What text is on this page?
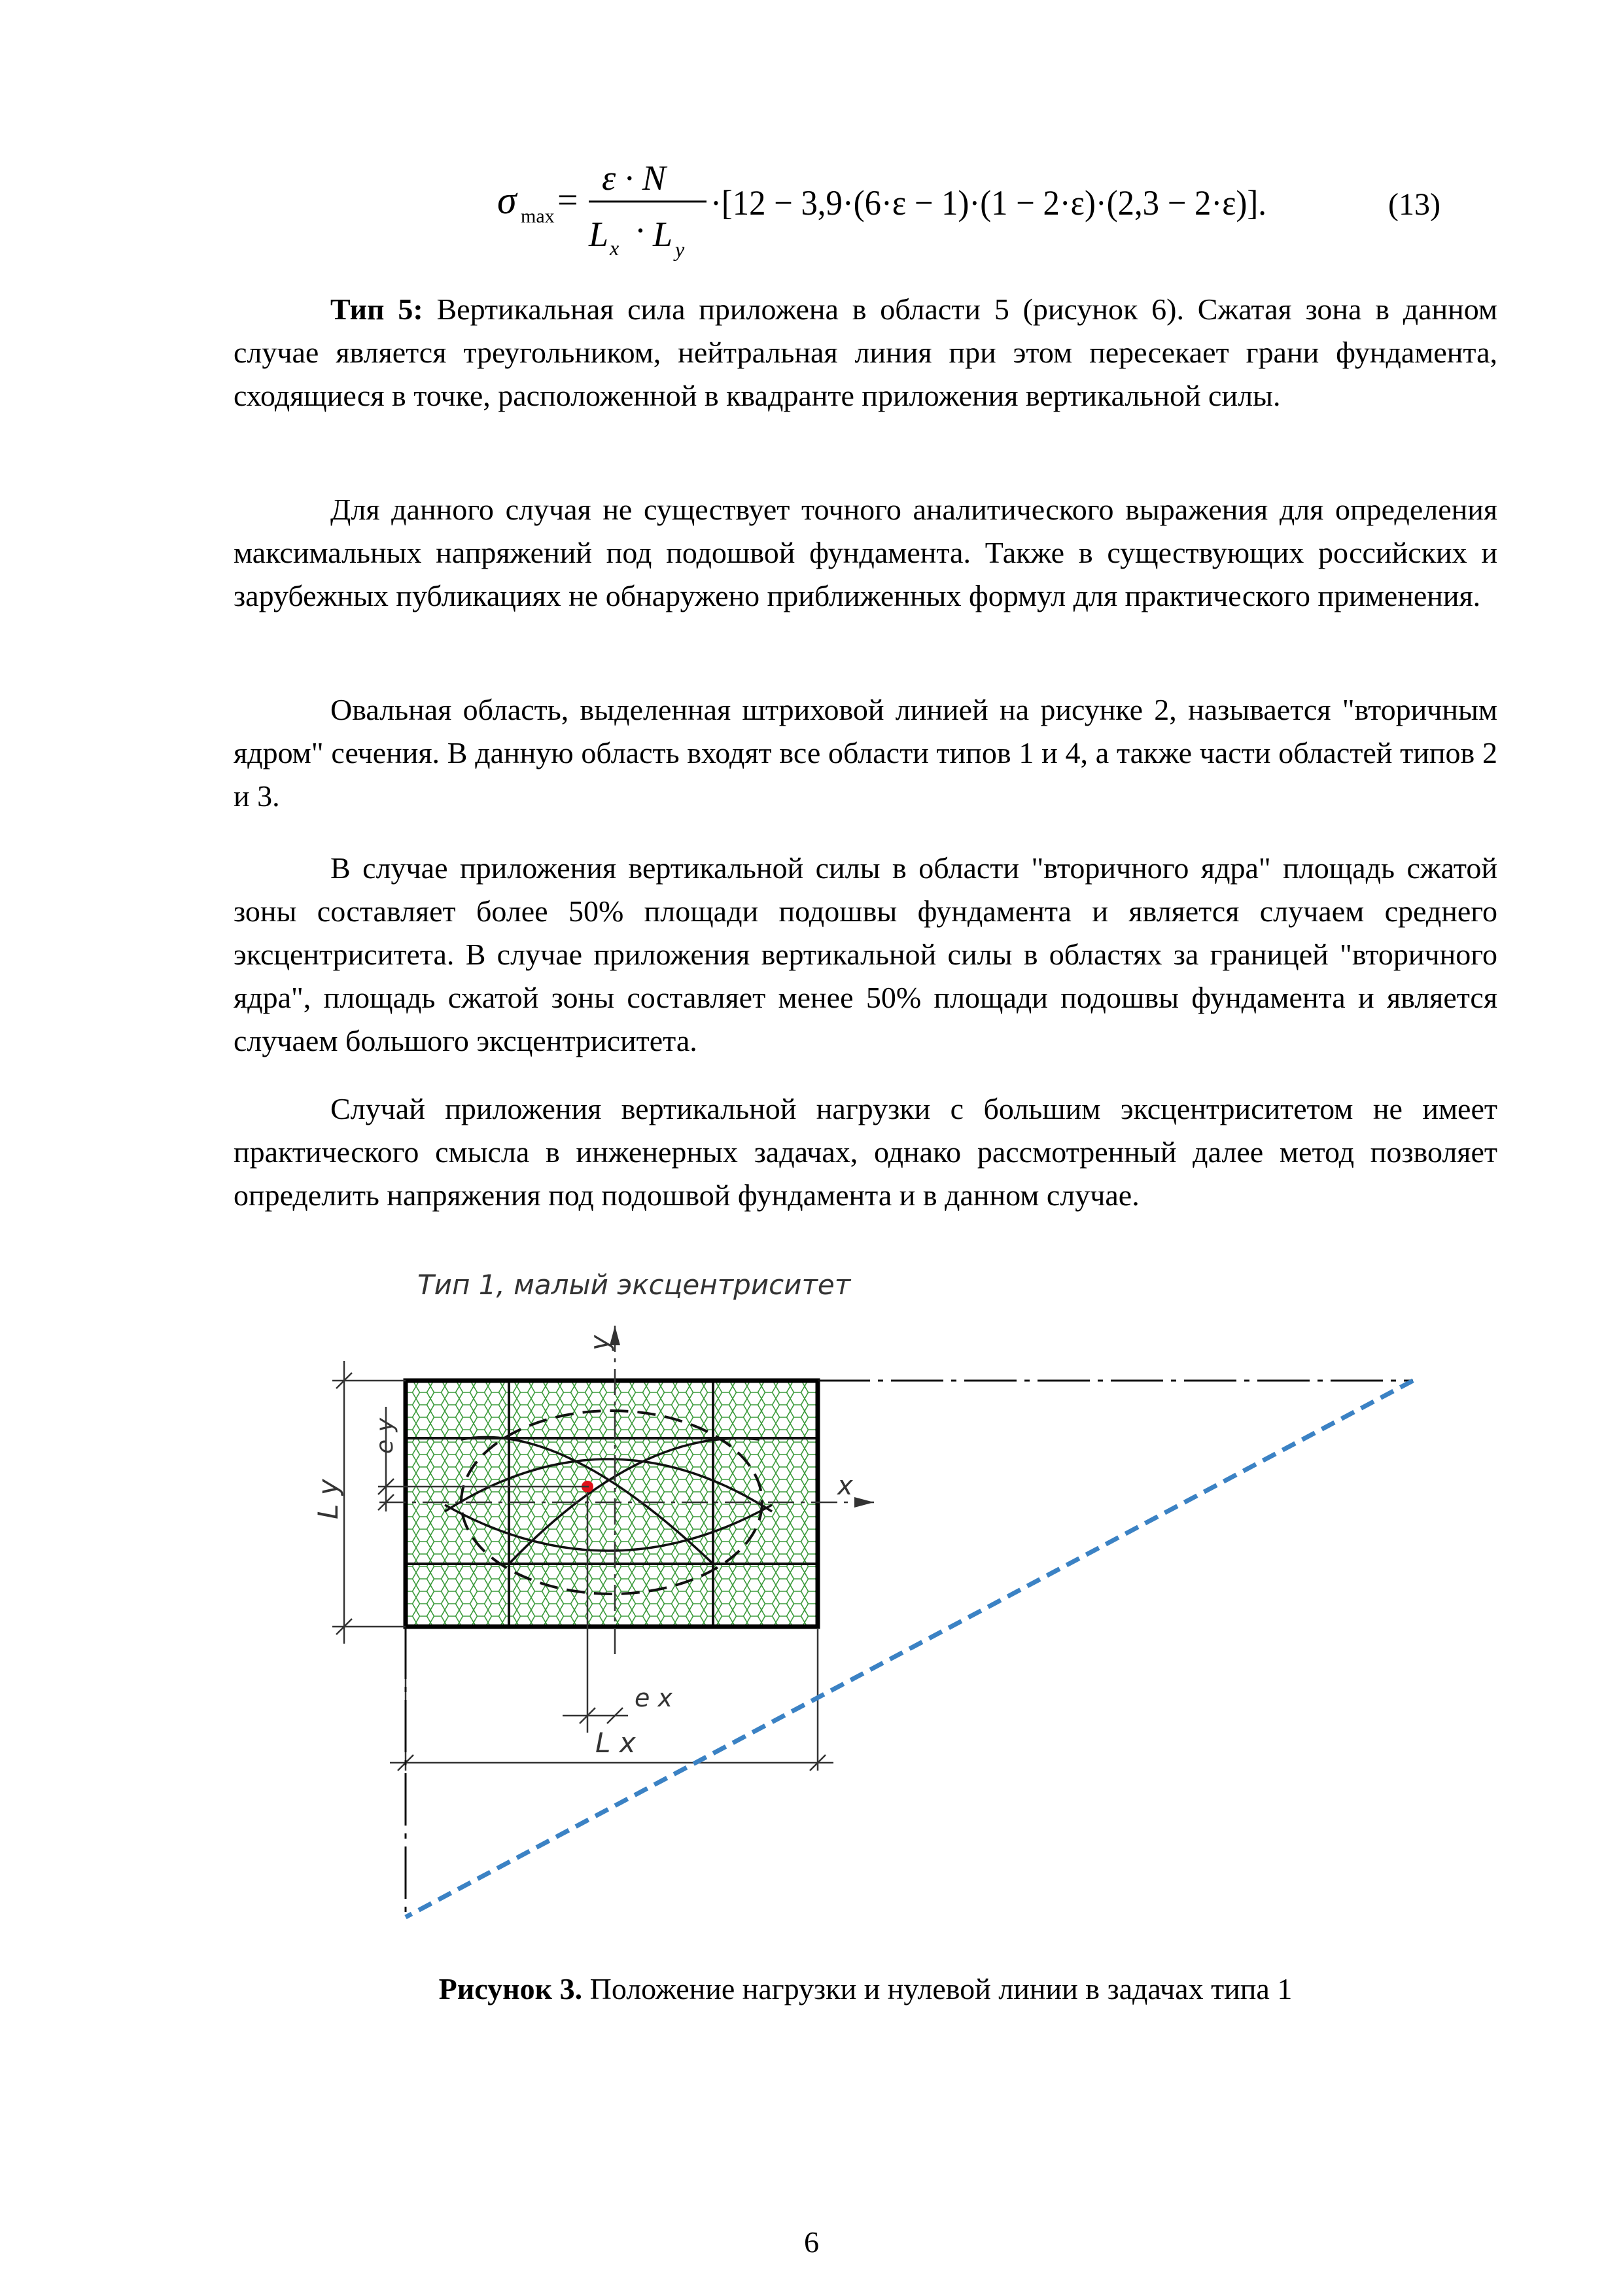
σ max =
ε · N
L x · L y
·[12 − 3,9·(6·ε − 1)·(1 − 2·ε)·(2,3 − 2·ε)].	(13)

Тип 5: Вертикальная сила приложена в области 5 (рисунок 6). Сжатая зона в данном случае является треугольником, нейтральная линия при этом пересекает грани фундамента, сходящиеся в точке, расположенной в квадранте приложения вертикальной силы.

Для данного случая не существует точного аналитического выражения для определения максимальных напряжений под подошвой фундамента. Также в существующих российских и зарубежных публикациях не обнаружено приближенных формул для практического применения.

Овальная область, выделенная штриховой линией на рисунке 2, называется "вторичным ядром" сечения. В данную область входят все области типов 1 и 4, а также части областей типов 2 и 3.

В случае приложения вертикальной силы в области "вторичного ядра" площадь сжатой зоны составляет более 50% площади подошвы фундамента и является случаем среднего эксцентриситета. В случае приложения вертикальной силы в областях за границей "вторичного ядра", площадь сжатой зоны составляет менее 50% площади подошвы фундамента и является случаем большого эксцентриситета.

Случай приложения вертикальной нагрузки с большим эксцентриситетом не имеет практического смысла в инженерных задачах, однако рассмотренный далее метод позволяет определить напряжения под подошвой фундамента и в данном случае.

Тип 1, малый эксцентриситет
y
x
e y
L y
e x
L x
Рисунок 3. Положение нагрузки и нулевой линии в задачах типа 1
6
